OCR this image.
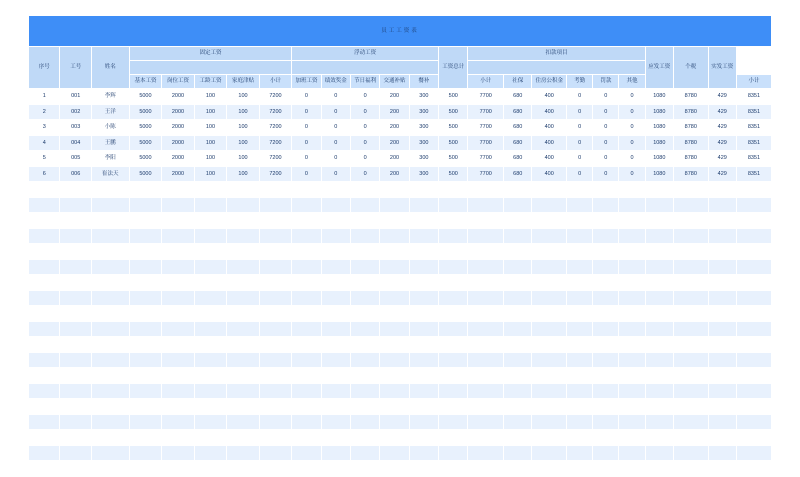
员工工资表																							
序号	工号	姓名	固定工资					浮动工资					工资总计	扣款项目						应发工资	个税	实发工资	

			基本工资	岗位工资	工龄工资	家庭津贴	小计	加班工资	绩效奖金	节日福利	交通补贴	餐补		小计	社保	住房公积金	考勤	罚款	其他				小计
1	001	李辉	5000	2000	100	100	7200	0	0	0	200	300	500	7700	680	400	0	0	0	1080	8780	429	8351
2	002	王洋	5000	2000	100	100	7200	0	0	0	200	300	500	7700	680	400	0	0	0	1080	8780	429	8351
3	003	小陈	5000	2000	100	100	7200	0	0	0	200	300	500	7700	680	400	0	0	0	1080	8780	429	8351
4	004	王鹏	5000	2000	100	100	7200	0	0	0	200	300	500	7700	680	400	0	0	0	1080	8780	429	8351
5	005	李阳	5000	2000	100	100	7200	0	0	0	200	300	500	7700	680	400	0	0	0	1080	8780	429	8351
6	006	崔法天	5000	2000	100	100	7200	0	0	0	200	300	500	7700	680	400	0	0	0	1080	8780	429	8351
